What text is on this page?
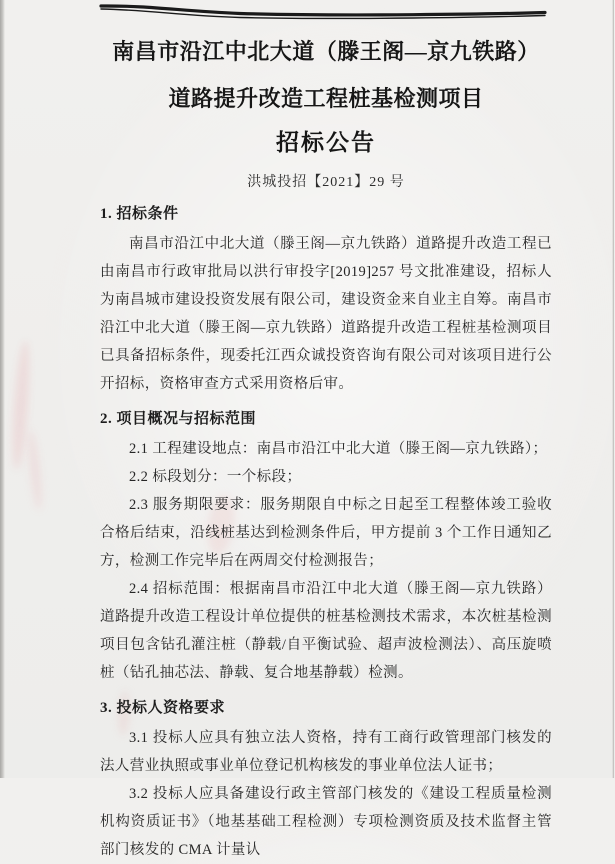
南昌市沿江中北大道（滕王阁—京九铁路）
道路提升改造工程桩基检测项目
招标公告
洪城投招【2021】29 号
1. 招标条件

南昌市沿江中北大道（滕王阁—京九铁路）道路提升改造工程已由南昌市行政审批局以洪行审投字[2019]257 号文批准建设，招标人为南昌城市建设投资发展有限公司，建设资金来自业主自筹。南昌市沿江中北大道（滕王阁—京九铁路）道路提升改造工程桩基检测项目已具备招标条件，现委托江西众诚投资咨询有限公司对该项目进行公开招标，资格审查方式采用资格后审。

2. 项目概况与招标范围

2.1 工程建设地点：南昌市沿江中北大道（滕王阁—京九铁路）；

2.2 标段划分：一个标段；

2.3 服务期限要求：服务期限自中标之日起至工程整体竣工验收合格后结束，沿线桩基达到检测条件后，甲方提前 3 个工作日通知乙方，检测工作完毕后在两周交付检测报告；

2.4 招标范围：根据南昌市沿江中北大道（滕王阁—京九铁路）道路提升改造工程设计单位提供的桩基检测技术需求，本次桩基检测项目包含钻孔灌注桩（静载/自平衡试验、超声波检测法）、高压旋喷桩（钻孔抽芯法、静载、复合地基静载）检测。

3. 投标人资格要求

3.1 投标人应具有独立法人资格，持有工商行政管理部门核发的法人营业执照或事业单位登记机构核发的事业单位法人证书；

3.2 投标人应具备建设行政主管部门核发的《建设工程质量检测机构资质证书》（地基基础工程检测）专项检测资质及技术监督主管部门核发的 CMA 计量认
